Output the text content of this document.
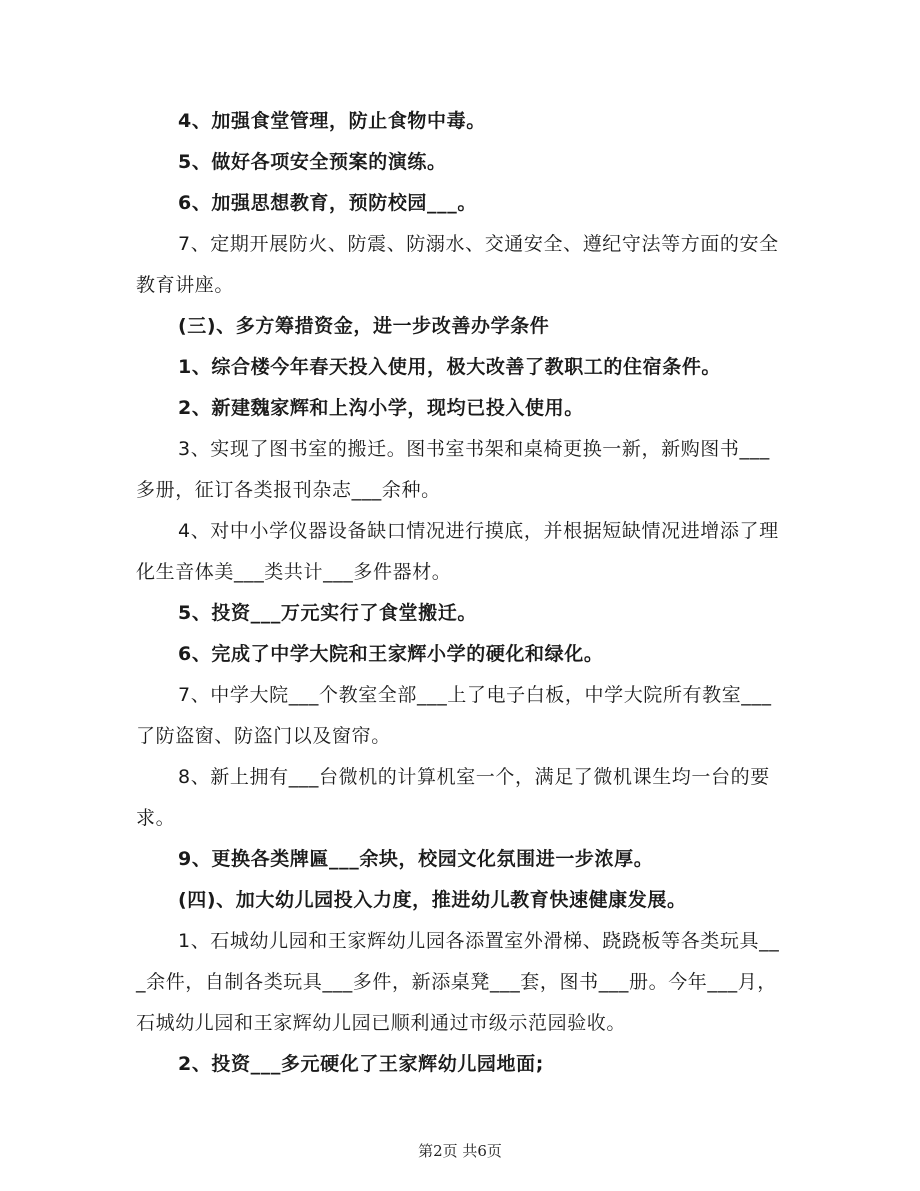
4、加强食堂管理，防止食物中毒。

5、做好各项安全预案的演练。

6、加强思想教育，预防校园___。

7、定期开展防火、防震、防溺水、交通安全、遵纪守法等方面的安全教育讲座。

(三)、多方筹措资金，进一步改善办学条件

1、综合楼今年春天投入使用，极大改善了教职工的住宿条件。

2、新建魏家辉和上沟小学，现均已投入使用。

3、实现了图书室的搬迁。图书室书架和桌椅更换一新，新购图书___多册，征订各类报刊杂志___余种。

4、对中小学仪器设备缺口情况进行摸底，并根据短缺情况进增添了理化生音体美___类共计___多件器材。

5、投资___万元实行了食堂搬迁。

6、完成了中学大院和王家辉小学的硬化和绿化。

7、中学大院___个教室全部___上了电子白板，中学大院所有教室___了防盗窗、防盗门以及窗帘。

8、新上拥有___台微机的计算机室一个，满足了微机课生均一台的要求。

9、更换各类牌匾___余块，校园文化氛围进一步浓厚。

(四)、加大幼儿园投入力度，推进幼儿教育快速健康发展。

1、石城幼儿园和王家辉幼儿园各添置室外滑梯、跷跷板等各类玩具___余件，自制各类玩具___多件，新添桌凳___套，图书___册。今年___月，石城幼儿园和王家辉幼儿园已顺利通过市级示范园验收。

2、投资___多元硬化了王家辉幼儿园地面;

第2页 共6页
